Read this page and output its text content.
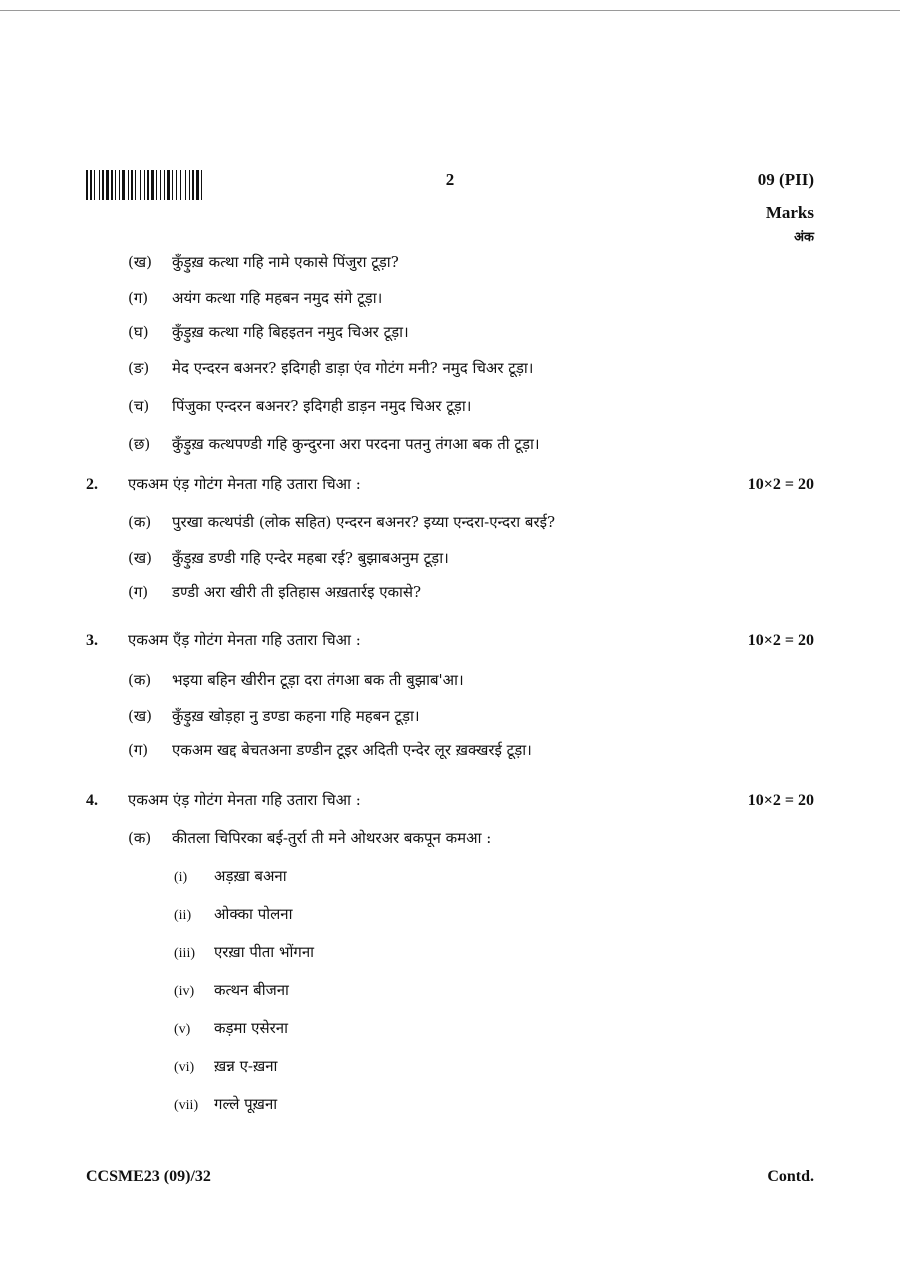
2	09 (PII)
Marks
अंक
(ख) कुँड़ुख़ कत्था गहि नामे एकासे पिंजुरा टूड़ा?
(ग) अयंग कत्था गहि महबन नमुद संगे टूड़ा।
(घ) कुँड़ुख़ कत्था गहि बिहइतन नमुद चिअर टूड़ा।
(ङ) मेद एन्दरन बअनर? इदिगही डाड़ा एंव गोटंग मनी? नमुद चिअर टूड़ा।
(च) पिंजुका एन्दरन बअनर? इदिगही डाड़न नमुद चिअर टूड़ा।
(छ) कुँड़ुख़ कत्थपण्डी गहि कुन्दुरना अरा परदना पतनु तंगआ बक ती टूड़ा।
2. एकअम एंड़ गोटंग मेनता गहि उतारा चिआ :	10×2 = 20
(क) पुरखा कत्थपंडी (लोक सहित) एन्दरन बअनर? इय्या एन्दरा-एन्दरा बरई?
(ख) कुँड़ुख़ डण्डी गहि एन्देर महबा रई? बुझाबअनुम टूड़ा।
(ग) डण्डी अरा खीरी ती इतिहास अख़तार्रइ एकासे?
3. एकअम एँड़ गोटंग मेनता गहि उतारा चिआ :	10×2 = 20
(क) भइया बहिन खीरीन टूड़ा दरा तंगआ बक ती बुझाब'आ।
(ख) कुँड़ुख़ खोड़हा नु डण्डा कहना गहि महबन टूड़ा।
(ग) एकअम खद्द बेचतअना डण्डीन टूइर अदिती एन्देर लूर ख़क्खरई टूड़ा।
4. एकअम एंड़ गोटंग मेनता गहि उतारा चिआ :	10×2 = 20
(क) कीतला चिपिरका बई-तुर्रा ती मने ओथरअर बकपून कमआ :
(i) अड़ख़ा बअना
(ii) ओक्का पोलना
(iii) एरख़ा पीता भोंगना
(iv) कत्थन बीजना
(v) कड़मा एसेरना
(vi) ख़न्न ए-ख़ना
(vii) गल्ले पूख़ना
CCSME23 (09)/32	Contd.
